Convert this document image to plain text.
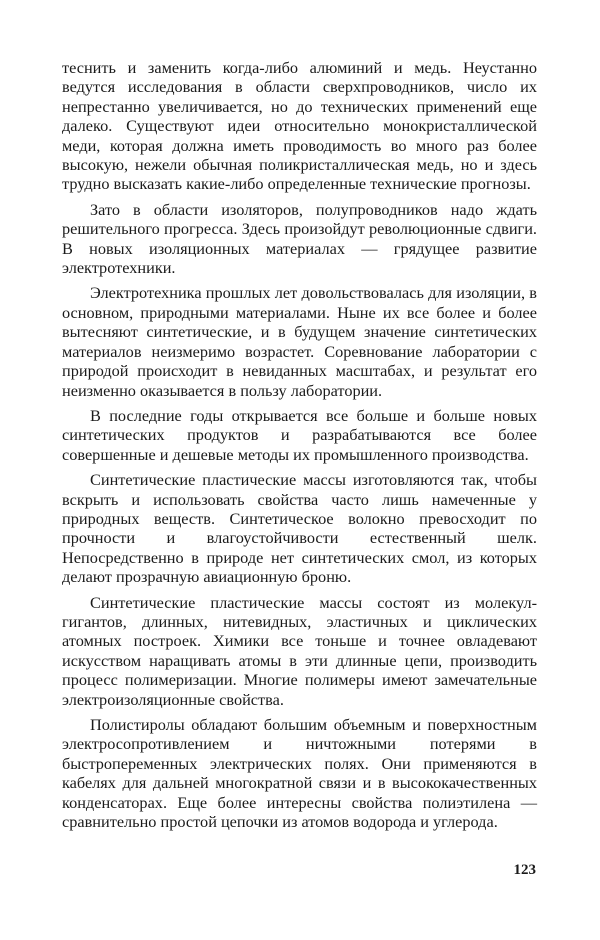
теснить и заменить когда-либо алюминий и медь. Неустанно ведутся исследования в области сверхпроводников, число их непрестанно увеличивается, но до технических применений еще далеко. Существуют идеи относительно монокристаллической меди, которая должна иметь проводимость во много раз более высокую, нежели обычная поликристаллическая медь, но и здесь трудно высказать какие-либо определенные технические прогнозы.

Зато в области изоляторов, полупроводников надо ждать решительного прогресса. Здесь произойдут революционные сдвиги. В новых изоляционных материалах — грядущее развитие электротехники.

Электротехника прошлых лет довольствовалась для изоляции, в основном, природными материалами. Ныне их все более и более вытесняют синтетические, и в будущем значение синтетических материалов неизмеримо возрастет. Соревнование лаборатории с природой происходит в невиданных масштабах, и результат его неизменно оказывается в пользу лаборатории.

В последние годы открывается все больше и больше новых синтетических продуктов и разрабатываются все более совершенные и дешевые методы их промышленного производства.

Синтетические пластические массы изготовляются так, чтобы вскрыть и использовать свойства часто лишь намеченные у природных веществ. Синтетическое волокно превосходит по прочности и влагоустойчивости естественный шелк. Непосредственно в природе нет синтетических смол, из которых делают прозрачную авиационную броню.

Синтетические пластические массы состоят из молекул-гигантов, длинных, нитевидных, эластичных и циклических атомных построек. Химики все тоньше и точнее овладевают искусством наращивать атомы в эти длинные цепи, производить процесс полимеризации. Многие полимеры имеют замечательные электроизоляционные свойства.

Полистиролы обладают большим объемным и поверхностным электросопротивлением и ничтожными потерями в быстропеременных электрических полях. Они применяются в кабелях для дальней многократной связи и в высококачественных конденсаторах. Еще более интересны свойства полиэтилена — сравнительно простой цепочки из атомов водорода и углерода.

123
